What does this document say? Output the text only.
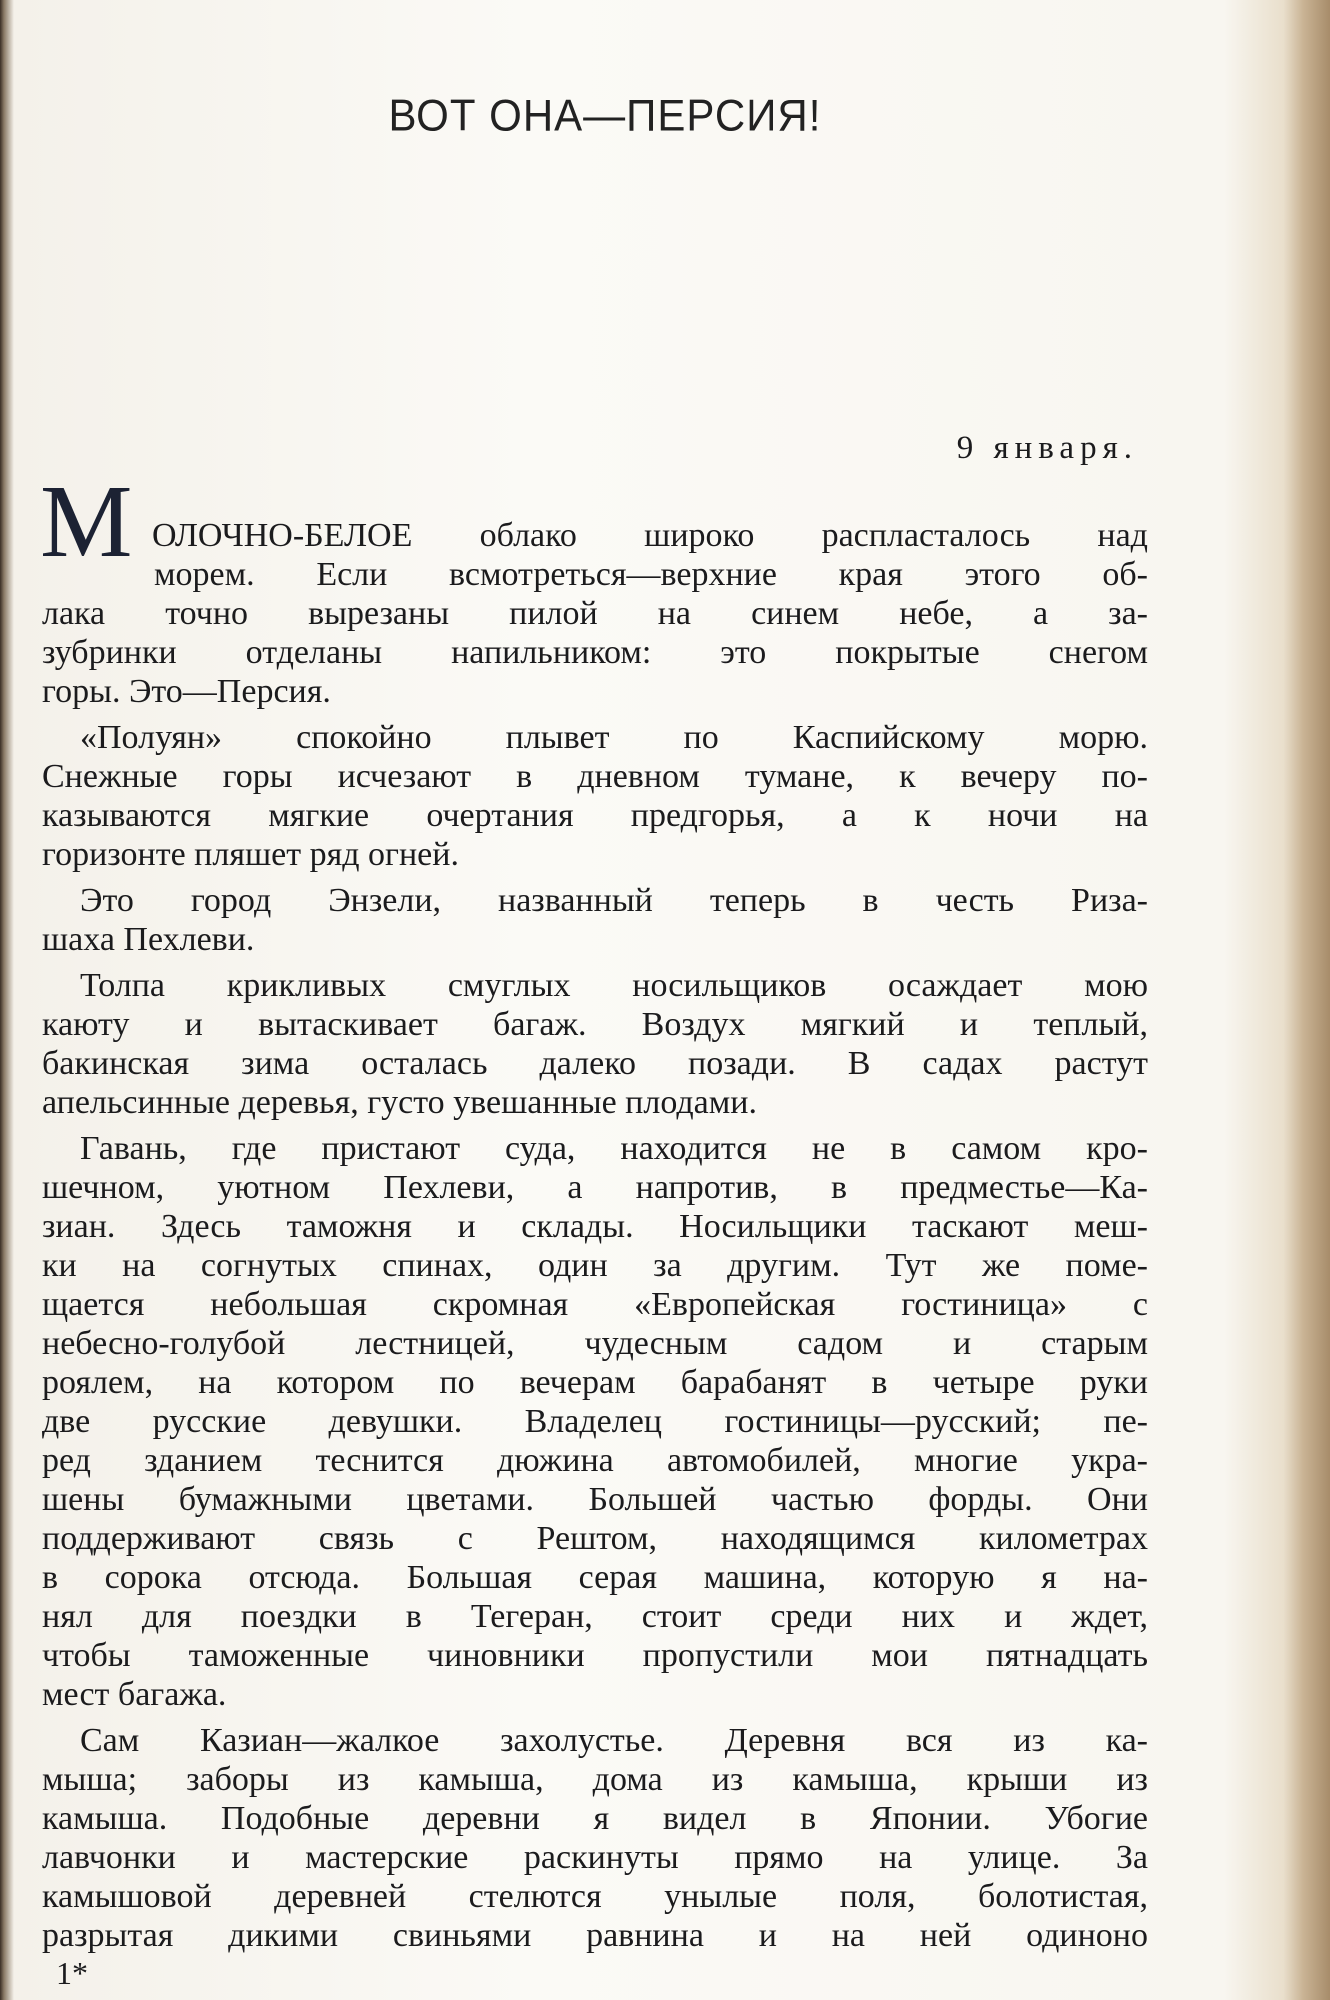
ВОТ ОНА—ПЕРСИЯ!
9 января.
М ОЛОЧНО-БЕЛОЕ облако широко распласталось над
морем. Если всмотреться—верхние края этого об-
лака точно вырезаны пилой на синем небе, а за-
зубринки отделаны напильником: это покрытые снегом
горы. Это—Персия.
«Полуян» спокойно плывет по Каспийскому морю.
Снежные горы исчезают в дневном тумане, к вечеру по-
казываются мягкие очертания предгорья, а к ночи на
горизонте пляшет ряд огней.
Это город Энзели, названный теперь в честь Риза-
шаха Пехлеви.
Толпа крикливых смуглых носильщиков осаждает мою
каюту и вытаскивает багаж. Воздух мягкий и теплый,
бакинская зима осталась далеко позади. В садах растут
апельсинные деревья, густо увешанные плодами.
Гавань, где пристают суда, находится не в самом кро-
шечном, уютном Пехлеви, а напротив, в предместье—Ка-
зиан. Здесь таможня и склады. Носильщики таскают меш-
ки на согнутых спинах, один за другим. Тут же поме-
щается небольшая скромная «Европейская гостиница» с
небесно-голубой лестницей, чудесным садом и старым
роялем, на котором по вечерам барабанят в четыре руки
две русские девушки. Владелец гостиницы—русский; пе-
ред зданием теснится дюжина автомобилей, многие укра-
шены бумажными цветами. Большей частью форды. Они
поддерживают связь с Рештом, находящимся километрах
в сорока отсюда. Большая серая машина, которую я на-
нял для поездки в Тегеран, стоит среди них и ждет,
чтобы таможенные чиновники пропустили мои пятнадцать
мест багажа.
Сам Казиан—жалкое захолустье. Деревня вся из ка-
мыша; заборы из камыша, дома из камыша, крыши из
камыша. Подобные деревни я видел в Японии. Убогие
лавчонки и мастерские раскинуты прямо на улице. За
камышовой деревней стелются унылые поля, болотистая,
разрытая дикими свиньями равнина и на ней одиноно
1*
